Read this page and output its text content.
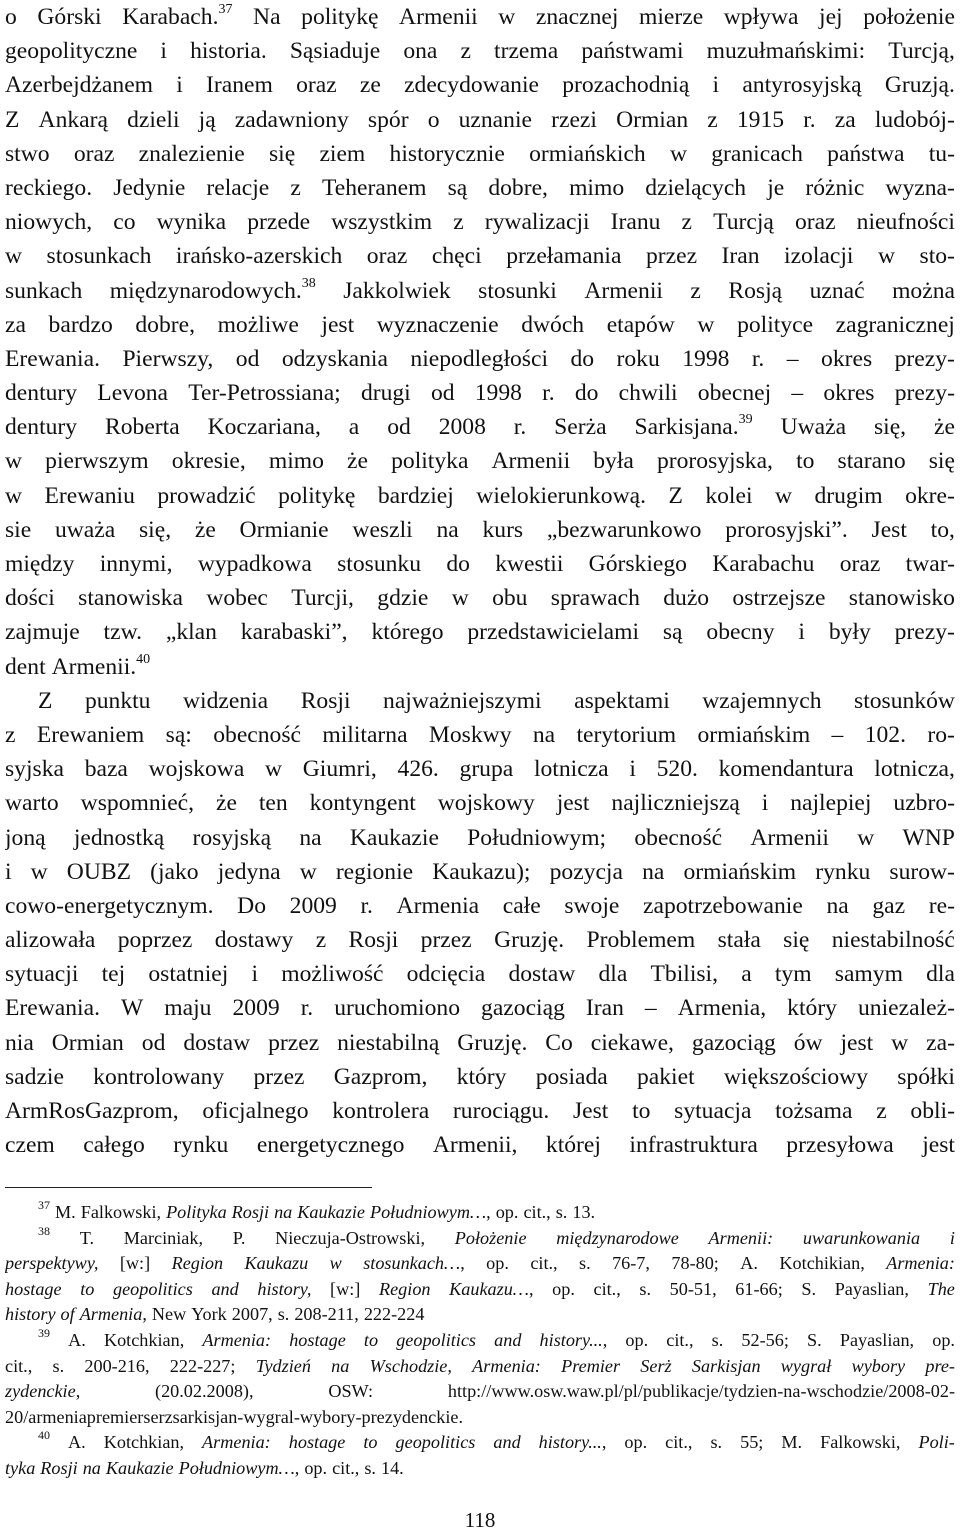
o Górski Karabach.$^{37}$ Na politykę Armenii w znacznej mierze wpływa jej położenie
geopolityczne i historia. Sąsiaduje ona z trzema państwami muzułmańskimi: Turcją,
Azerbejdżanem i Iranem oraz ze zdecydowanie prozachodnią i antyrosyjską Gruzją.
Z Ankarą dzieli ją zadawniony spór o uznanie rzezi Ormian z 1915 r. za ludobój-
stwo oraz znalezienie się ziem historycznie ormiańskich w granicach państwa tu-
reckiego. Jedynie relacje z Teheranem są dobre, mimo dzielących je różnic wyzna-
niowych, co wynika przede wszystkim z rywalizacji Iranu z Turcją oraz nieufności
w stosunkach irańsko-azerskich oraz chęci przełamania przez Iran izolacji w sto-
sunkach międzynarodowych.$^{38}$ Jakkolwiek stosunki Armenii z Rosją uznać można
za bardzo dobre, możliwe jest wyznaczenie dwóch etapów w polityce zagranicznej
Erewania. Pierwszy, od odzyskania niepodległości do roku 1998 r. – okres prezy-
dentury Levona Ter-Petrossiana; drugi od 1998 r. do chwili obecnej – okres prezy-
dentury Roberta Koczariana, a od 2008 r. Serża Sarkisjana.$^{39}$ Uważa się, że
w pierwszym okresie, mimo że polityka Armenii była prorosyjska, to starano się
w Erewaniu prowadzić politykę bardziej wielokierunkową. Z kolei w drugim okre-
sie uważa się, że Ormianie weszli na kurs „bezwarunkowo prorosyjski”. Jest to,
między innymi, wypadkowa stosunku do kwestii Górskiego Karabachu oraz twar-
dości stanowiska wobec Turcji, gdzie w obu sprawach dużo ostrzejsze stanowisko
zajmuje tzw. „klan karabaski”, którego przedstawicielami są obecny i były prezy-
dent Armenii.$^{40}$
Z punktu widzenia Rosji najważniejszymi aspektami wzajemnych stosunków
z Erewaniem są: obecność militarna Moskwy na terytorium ormiańskim – 102. ro-
syjska baza wojskowa w Giumri, 426. grupa lotnicza i 520. komendantura lotnicza,
warto wspomnieć, że ten kontyngent wojskowy jest najliczniejszą i najlepiej uzbro-
joną jednostką rosyjską na Kaukazie Południowym; obecność Armenii w WNP
i w OUBZ (jako jedyna w regionie Kaukazu); pozycja na ormiańskim rynku surow-
cowo-energetycznym. Do 2009 r. Armenia całe swoje zapotrzebowanie na gaz re-
alizowała poprzez dostawy z Rosji przez Gruzję. Problemem stała się niestabilność
sytuacji tej ostatniej i możliwość odcięcia dostaw dla Tbilisi, a tym samym dla
Erewania. W maju 2009 r. uruchomiono gazociąg Iran – Armenia, który uniezależ-
nia Ormian od dostaw przez niestabilną Gruzję. Co ciekawe, gazociąg ów jest w za-
sadzie kontrolowany przez Gazprom, który posiada pakiet większościowy spółki
ArmRosGazprom, oficjalnego kontrolera rurociągu. Jest to sytuacja tożsama z obli-
czem całego rynku energetycznego Armenii, której infrastruktura przesyłowa jest
$^{37}$ M. Falkowski, Polityka Rosji na Kaukazie Południowym…, op. cit., s. 13.
$^{38}$ T. Marciniak, P. Nieczuja-Ostrowski, Położenie międzynarodowe Armenii: uwarunkowania i
perspektywy, [w:] Region Kaukazu w stosunkach…, op. cit., s. 76-7, 78-80; A. Kotchikian, Armenia:
hostage to geopolitics and history, [w:] Region Kaukazu…, op. cit., s. 50-51, 61-66; S. Payaslian, The
history of Armenia, New York 2007, s. 208-211, 222-224
$^{39}$ A. Kotchkian, Armenia: hostage to geopolitics and history..., op. cit., s. 52-56; S. Payaslian, op.
cit., s. 200-216, 222-227; Tydzień na Wschodzie, Armenia: Premier Serż Sarkisjan wygrał wybory pre-
zydenckie,	(20.02.2008),	OSW:	http://www.osw.waw.pl/pl/publikacje/tydzien-na-wschodzie/2008-02-
20/armeniapremierserzsarkisjan-wygral-wybory-prezydenckie.
$^{40}$ A. Kotchkian, Armenia: hostage to geopolitics and history..., op. cit., s. 55; M. Falkowski, Poli-
tyka Rosji na Kaukazie Południowym…, op. cit., s. 14.
118
